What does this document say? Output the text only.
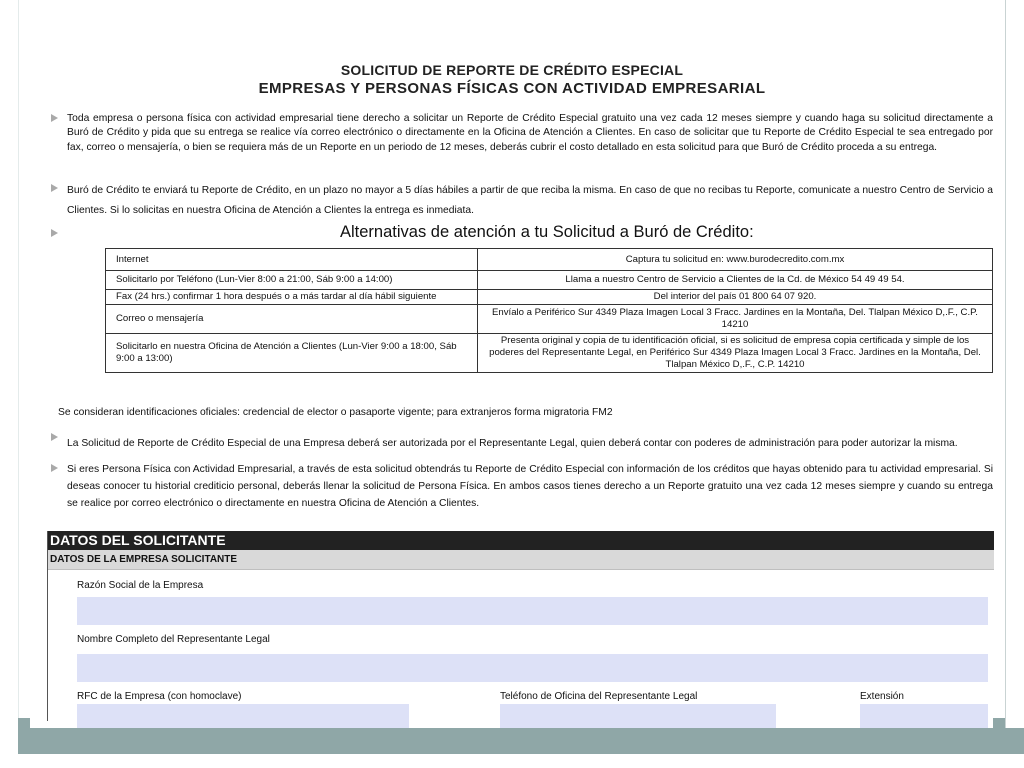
SOLICITUD DE REPORTE DE CRÉDITO ESPECIAL
EMPRESAS Y PERSONAS FÍSICAS CON ACTIVIDAD EMPRESARIAL
Toda empresa o persona física con actividad empresarial tiene derecho a solicitar un Reporte de Crédito Especial gratuito una vez cada 12 meses siempre y cuando haga su solicitud directamente a Buró de Crédito y pida que su entrega se realice vía correo electrónico o directamente en la Oficina de Atención a Clientes. En caso de solicitar que tu Reporte de Crédito Especial te sea entregado por fax, correo o mensajería, o bien se requiera más de un Reporte en un periodo de 12 meses, deberás cubrir el costo detallado en esta solicitud para que Buró de Crédito proceda a su entrega.
Buró de Crédito te enviará tu Reporte de Crédito, en un plazo no mayor a 5 días hábiles a partir de que reciba la misma. En caso de que no recibas tu Reporte, comunicate a nuestro Centro de Servicio a Clientes. Si lo solicitas en nuestra Oficina de Atención a Clientes la entrega es inmediata.
Alternativas de atención a tu Solicitud a Buró de Crédito:
Internet	Captura tu solicitud en: www.burodecredito.com.mx
Solicitarlo por Teléfono (Lun-Vier 8:00 a 21:00, Sáb 9:00 a 14:00)	Llama a nuestro Centro de Servicio a Clientes de la Cd. de México 54 49 49 54.
Fax (24 hrs.) confirmar 1 hora después o a más tardar al día hábil siguiente	Del interior del país 01 800 64 07 920.
Correo o mensajería	Envíalo a Periférico Sur 4349 Plaza Imagen Local 3 Fracc. Jardines en la Montaña, Del. Tlalpan México D,.F., C.P. 14210
Solicitarlo en nuestra Oficina de Atención a Clientes (Lun-Vier 9:00 a 18:00, Sáb 9:00 a 13:00)	Presenta original y copia de tu identificación oficial, si es solicitud de empresa copia certificada y simple de los poderes del Representante Legal, en Periférico Sur 4349 Plaza Imagen Local 3 Fracc. Jardines en la Montaña, Del. Tlalpan México D,.F., C.P. 14210
Se consideran identificaciones oficiales: credencial de elector o pasaporte vigente; para extranjeros forma migratoria FM2
La Solicitud de Reporte de Crédito Especial de una Empresa deberá ser autorizada por el Representante Legal, quien deberá contar con poderes de administración para poder autorizar la misma.
Si eres Persona Física con Actividad Empresarial, a través de esta solicitud obtendrás tu Reporte de Crédito Especial con información de los créditos que hayas obtenido para tu actividad empresarial. Si deseas conocer tu historial crediticio personal, deberás llenar la solicitud de Persona Física. En ambos casos tienes derecho a un Reporte gratuito una vez cada 12 meses siempre y cuando su entrega se realice por correo electrónico o directamente en nuestra Oficina de Atención a Clientes.
DATOS DEL SOLICITANTE
DATOS DE LA EMPRESA SOLICITANTE
Razón Social de la Empresa
Nombre Completo del Representante Legal
RFC de la Empresa (con homoclave)	Teléfono de Oficina del Representante Legal	Extensión
